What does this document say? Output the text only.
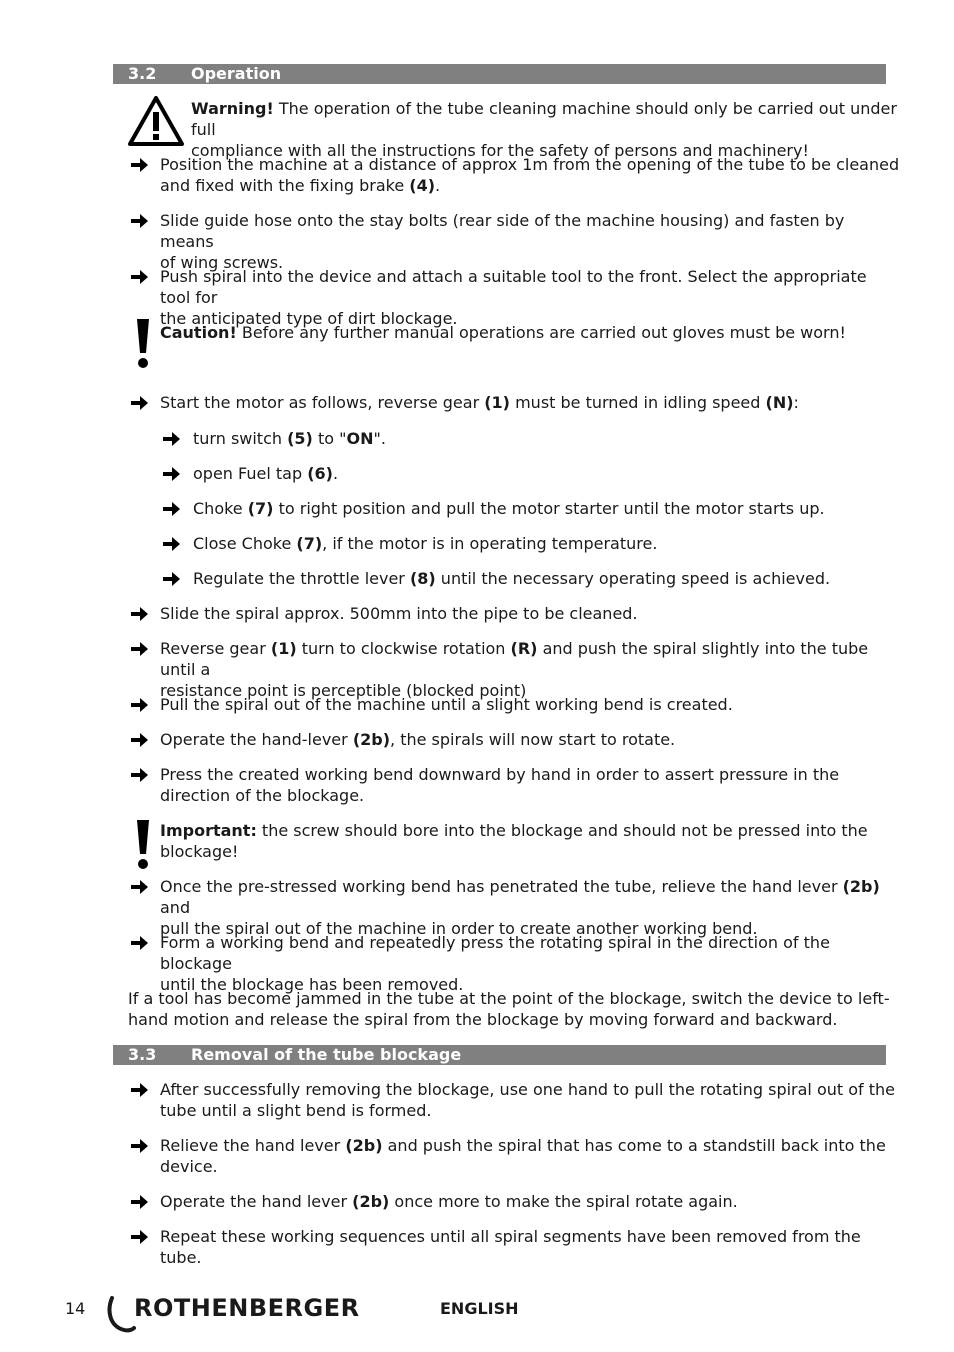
3.2 Operation
Warning! The operation of the tube cleaning machine should only be carried out under full
compliance with all the instructions for the safety of persons and machinery!
Position the machine at a distance of approx 1m from the opening of the tube to be cleaned
and fixed with the fixing brake (4).
Slide guide hose onto the stay bolts (rear side of the machine housing) and fasten by means
of wing screws.
Push spiral into the device and attach a suitable tool to the front. Select the appropriate tool for
the anticipated type of dirt blockage.
Caution! Before any further manual operations are carried out gloves must be worn!
Start the motor as follows, reverse gear (1) must be turned in idling speed (N):
turn switch (5) to "ON".
open Fuel tap (6).
Choke (7) to right position and pull the motor starter until the motor starts up.
Close Choke (7), if the motor is in operating temperature.
Regulate the throttle lever (8) until the necessary operating speed is achieved.
Slide the spiral approx. 500mm into the pipe to be cleaned.
Reverse gear (1) turn to clockwise rotation (R) and push the spiral slightly into the tube until a
resistance point is perceptible (blocked point)
Pull the spiral out of the machine until a slight working bend is created.
Operate the hand-lever (2b), the spirals will now start to rotate.
Press the created working bend downward by hand in order to assert pressure in the
direction of the blockage.
Important: the screw should bore into the blockage and should not be pressed into the
blockage!
Once the pre-stressed working bend has penetrated the tube, relieve the hand lever (2b) and
pull the spiral out of the machine in order to create another working bend.
Form a working bend and repeatedly press the rotating spiral in the direction of the blockage
until the blockage has been removed.
If a tool has become jammed in the tube at the point of the blockage, switch the device to left-
hand motion and release the spiral from the blockage by moving forward and backward.
3.3 Removal of the tube blockage
After successfully removing the blockage, use one hand to pull the rotating spiral out of the
tube until a slight bend is formed.
Relieve the hand lever (2b) and push the spiral that has come to a standstill back into the
device.
Operate the hand lever (2b) once more to make the spiral rotate again.
Repeat these working sequences until all spiral segments have been removed from the tube.
14 ROTHENBERGER	ENGLISH
